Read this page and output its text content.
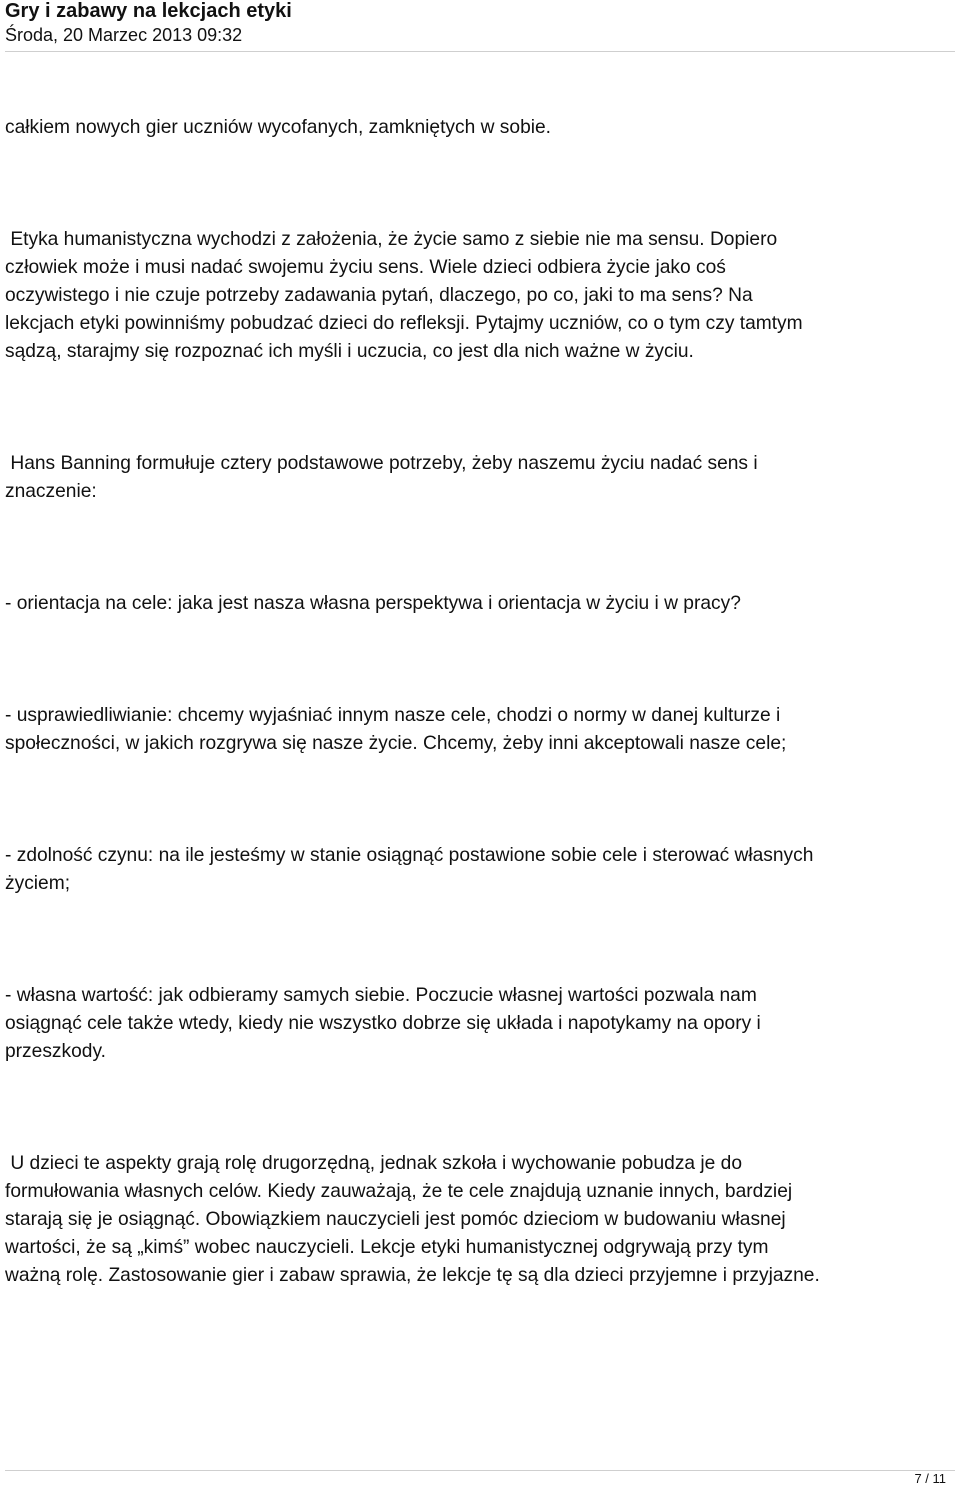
Gry i zabawy na lekcjach etyki
Środa, 20 Marzec 2013 09:32

całkiem nowych gier uczniów wycofanych, zamkniętych w sobie.

Etyka humanistyczna wychodzi z założenia, że życie samo z siebie nie ma sensu. Dopiero
człowiek może i musi nadać swojemu życiu sens. Wiele dzieci odbiera życie jako coś
oczywistego i nie czuje potrzeby zadawania pytań, dlaczego, po co, jaki to ma sens? Na
lekcjach etyki powinniśmy pobudzać dzieci do refleksji. Pytajmy uczniów, co o tym czy tamtym
sądzą, starajmy się rozpoznać ich myśli i uczucia, co jest dla nich ważne w życiu.

Hans Banning formułuje cztery podstawowe potrzeby, żeby naszemu życiu nadać sens i
znaczenie:

- orientacja na cele: jaka jest nasza własna perspektywa i orientacja w życiu i w pracy?

- usprawiedliwianie: chcemy wyjaśniać innym nasze cele, chodzi o normy w danej kulturze i
społeczności, w jakich rozgrywa się nasze życie. Chcemy, żeby inni akceptowali nasze cele;

- zdolność czynu: na ile jesteśmy w stanie osiągnąć postawione sobie cele i sterować własnych
życiem;

- własna wartość: jak odbieramy samych siebie. Poczucie własnej wartości pozwala nam
osiągnąć cele także wtedy, kiedy nie wszystko dobrze się układa i napotykamy na opory i
przeszkody.

U dzieci te aspekty grają rolę drugorzędną, jednak szkoła i wychowanie pobudza je do
formułowania własnych celów. Kiedy zauważają, że te cele znajdują uznanie innych, bardziej
starają się je osiągnąć. Obowiązkiem nauczycieli jest pomóc dzieciom w budowaniu własnej
wartości, że są „kimś” wobec nauczycieli. Lekcje etyki humanistycznej odgrywają przy tym
ważną rolę. Zastosowanie gier i zabaw sprawia, że lekcje tę są dla dzieci przyjemne i przyjazne.

7 / 11
